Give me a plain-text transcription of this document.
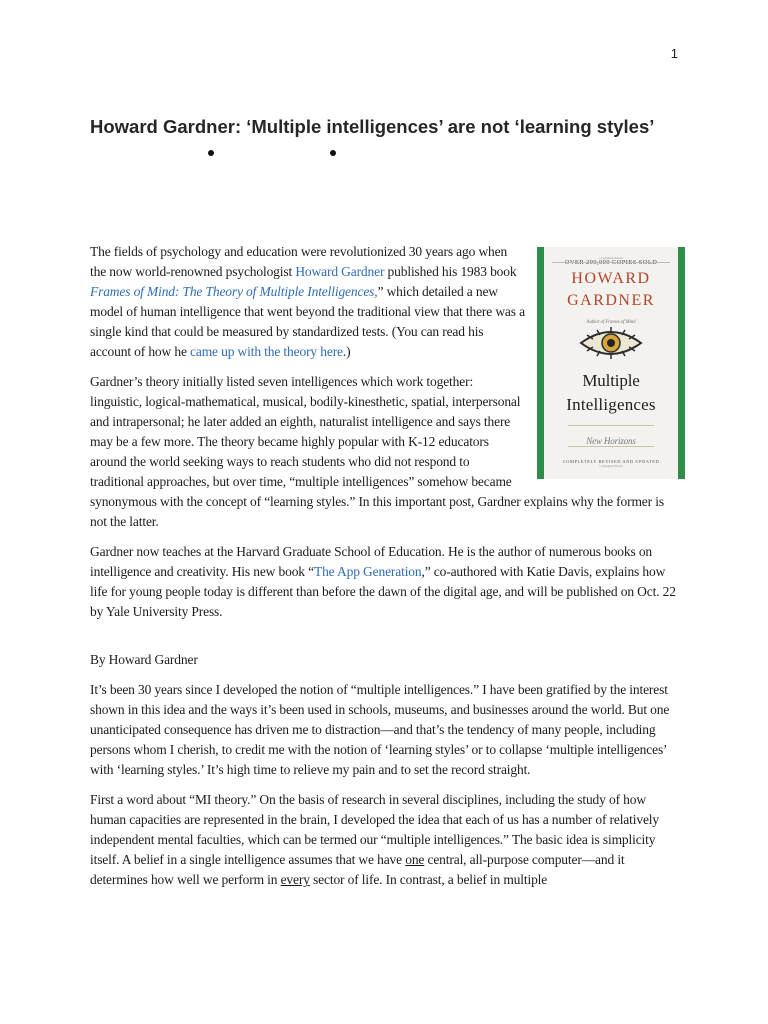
1
Howard Gardner: ‘Multiple intelligences’ are not ‘learning styles’
Copyrighted Material
OVER 200,000 COPIES SOLD
HOWARD
GARDNER
Author of Frames of Mind
Multiple
Intelligences
New Horizons
COMPLETELY REVISED AND UPDATED
Copyrighted Material

The fields of psychology and education were revolutionized 30 years ago when the now world-renowned psychologist Howard Gardner published his 1983 book Frames of Mind: The Theory of Multiple Intelligences,” which detailed a new model of human intelligence that went beyond the traditional view that there was a single kind that could be measured by standardized tests. (You can read his account of how he came up with the theory here.)

Gardner’s theory initially listed seven intelligences which work together: linguistic, logical-mathematical, musical, bodily-kinesthetic, spatial, interpersonal and intrapersonal; he later added an eighth, naturalist intelligence and says there may be a few more. The theory became highly popular with K-12 educators around the world seeking ways to reach students who did not respond to traditional approaches, but over time, “multiple intelligences” somehow became synonymous with the concept of “learning styles.” In this important post, Gardner explains why the former is not the latter.

Gardner now teaches at the Harvard Graduate School of Education. He is the author of numerous books on intelligence and creativity. His new book “The App Generation,” co-authored with Katie Davis, explains how life for young people today is different than before the dawn of the digital age, and will be published on Oct. 22 by Yale University Press.

By Howard Gardner

It’s been 30 years since I developed the notion of “multiple intelligences.” I have been gratified by the interest shown in this idea and the ways it’s been used in schools, museums, and businesses around the world. But one unanticipated consequence has driven me to distraction—and that’s the tendency of many people, including persons whom I cherish, to credit me with the notion of ‘learning styles’ or to collapse ‘multiple intelligences’ with ‘learning styles.’ It’s high time to relieve my pain and to set the record straight.

First a word about “MI theory.” On the basis of research in several disciplines, including the study of how human capacities are represented in the brain, I developed the idea that each of us has a number of relatively independent mental faculties, which can be termed our “multiple intelligences.” The basic idea is simplicity itself. A belief in a single intelligence assumes that we have one central, all-purpose computer—and it determines how well we perform in every sector of life. In contrast, a belief in multiple
